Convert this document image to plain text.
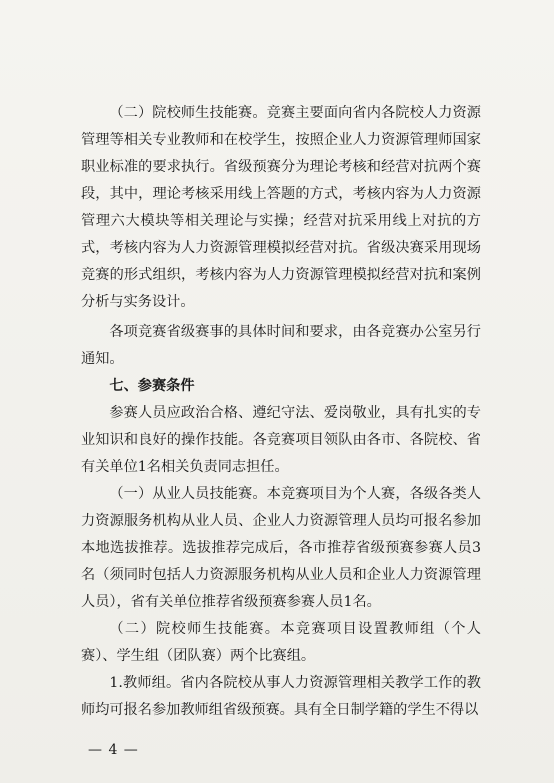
（二）院校师生技能赛。竞赛主要面向省内各院校人力资源管理等相关专业教师和在校学生，按照企业人力资源管理师国家职业标准的要求执行。省级预赛分为理论考核和经营对抗两个赛段，其中，理论考核采用线上答题的方式，考核内容为人力资源管理六大模块等相关理论与实操；经营对抗采用线上对抗的方式，考核内容为人力资源管理模拟经营对抗。省级决赛采用现场竞赛的形式组织，考核内容为人力资源管理模拟经营对抗和案例分析与实务设计。

各项竞赛省级赛事的具体时间和要求，由各竞赛办公室另行通知。

七、参赛条件

参赛人员应政治合格、遵纪守法、爱岗敬业，具有扎实的专业知识和良好的操作技能。各竞赛项目领队由各市、各院校、省有关单位1名相关负责同志担任。

（一）从业人员技能赛。本竞赛项目为个人赛，各级各类人力资源服务机构从业人员、企业人力资源管理人员均可报名参加本地选拔推荐。选拔推荐完成后，各市推荐省级预赛参赛人员3名（须同时包括人力资源服务机构从业人员和企业人力资源管理人员），省有关单位推荐省级预赛参赛人员1名。

（二）院校师生技能赛。本竞赛项目设置教师组（个人赛）、学生组（团队赛）两个比赛组。

1.教师组。省内各院校从事人力资源管理相关教学工作的教师均可报名参加教师组省级预赛。具有全日制学籍的学生不得以

— 4 —
